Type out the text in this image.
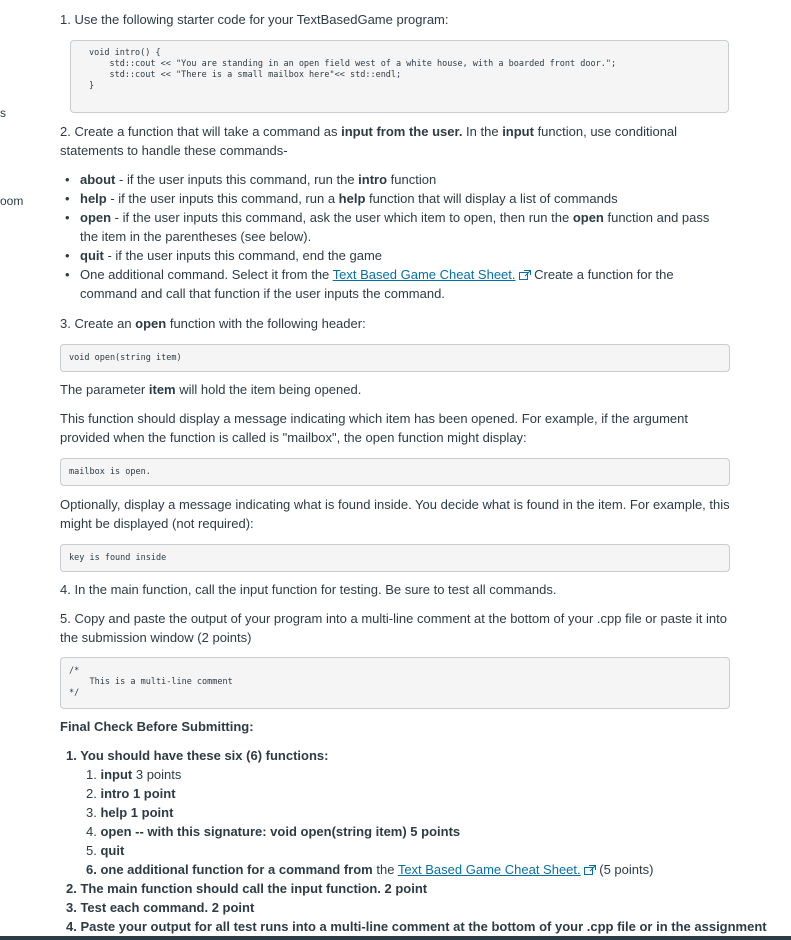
s
oom

1. Use the following starter code for your TextBasedGame program:

void intro() {
std::cout << "You are standing in an open field west of a white house, with a boarded front door.";
std::cout << "There is a small mailbox here"<< std::endl;
}

2. Create a function that will take a command as input from the user. In the input function, use conditional statements to handle these commands-

• about - if the user inputs this command, run the intro function
• help - if the user inputs this command, run a help function that will display a list of commands
• open - if the user inputs this command, ask the user which item to open, then run the open function and pass the item in the parentheses (see below).
• quit - if the user inputs this command, end the game
• One additional command. Select it from the Text Based Game Cheat Sheet. Create a function for the command and call that function if the user inputs the command.

3. Create an open function with the following header:

void open(string item)

The parameter item will hold the item being opened.

This function should display a message indicating which item has been opened. For example, if the argument provided when the function is called is "mailbox", the open function might display:

mailbox is open.

Optionally, display a message indicating what is found inside. You decide what is found in the item. For example, this might be displayed (not required):

key is found inside

4. In the main function, call the input function for testing. Be sure to test all commands.

5. Copy and paste the output of your program into a multi-line comment at the bottom of your .cpp file or paste it into the submission window (2 points)

/*
This is a multi-line comment
*/

Final Check Before Submitting:

1. You should have these six (6) functions:
1. input 3 points
2. intro 1 point
3. help 1 point
4. open -- with this signature: void open(string item) 5 points
5. quit
6. one additional function for a command from the Text Based Game Cheat Sheet. (5 points)
2. The main function should call the input function. 2 point
3. Test each command. 2 point
4. Paste your output for all test runs into a multi-line comment at the bottom of your .cpp file or in the assignment
